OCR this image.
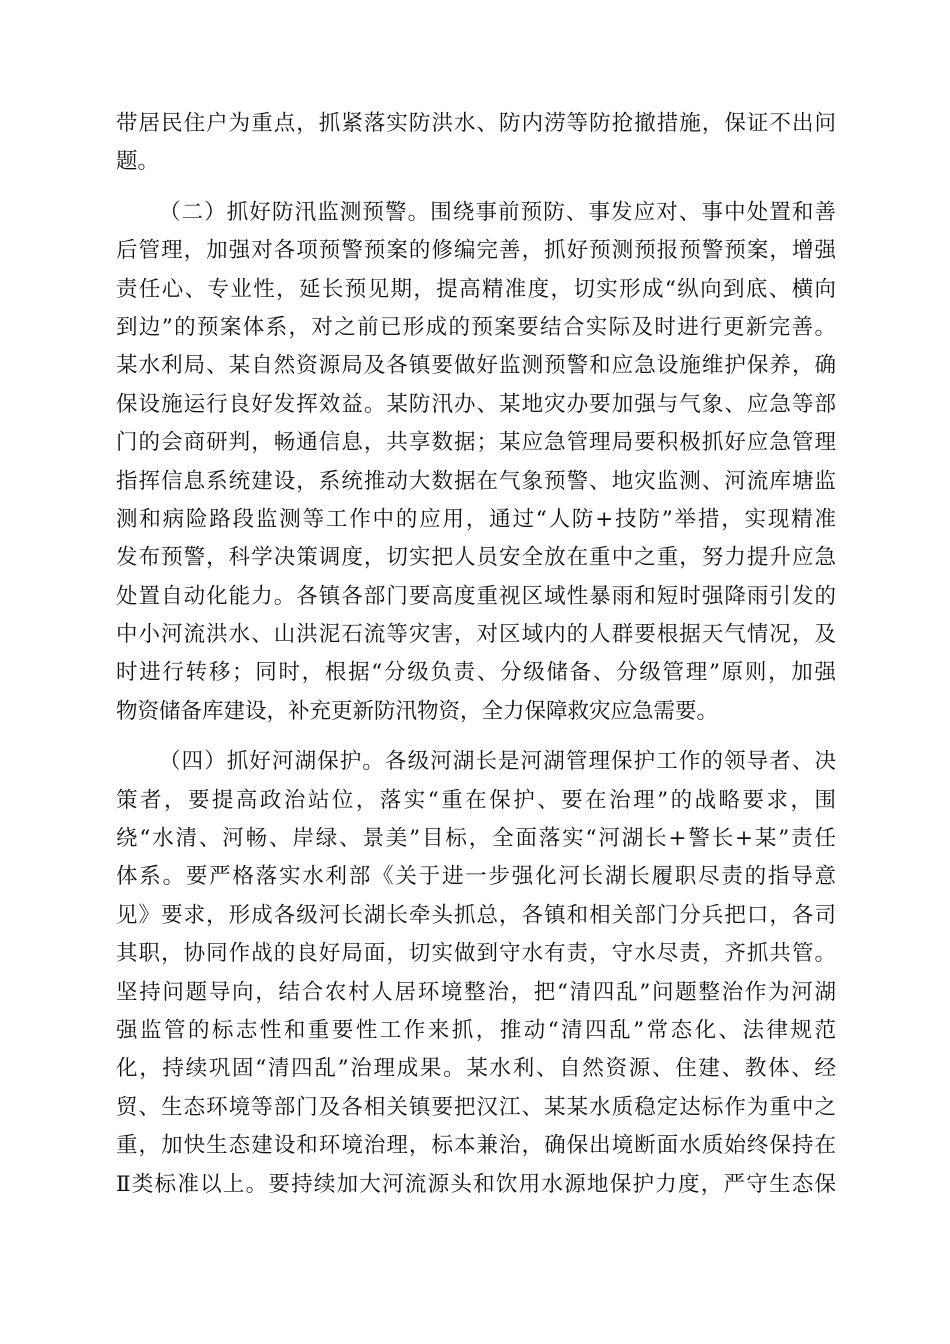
带居民住户为重点，抓紧落实防洪水、防内涝等防抢撤措施，保证不出问
题。
（二）抓好防汛监测预警。围绕事前预防、事发应对、事中处置和善
后管理，加强对各项预警预案的修编完善，抓好预测预报预警预案，增强
责任心、专业性，延长预见期，提高精准度，切实形成“纵向到底、横向
到边”的预案体系，对之前已形成的预案要结合实际及时进行更新完善。
某水利局、某自然资源局及各镇要做好监测预警和应急设施维护保养，确
保设施运行良好发挥效益。某防汛办、某地灾办要加强与气象、应急等部
门的会商研判，畅通信息，共享数据；某应急管理局要积极抓好应急管理
指挥信息系统建设，系统推动大数据在气象预警、地灾监测、河流库塘监
测和病险路段监测等工作中的应用，通过“人防+技防”举措，实现精准
发布预警，科学决策调度，切实把人员安全放在重中之重，努力提升应急
处置自动化能力。各镇各部门要高度重视区域性暴雨和短时强降雨引发的
中小河流洪水、山洪泥石流等灾害，对区域内的人群要根据天气情况，及
时进行转移；同时，根据“分级负责、分级储备、分级管理”原则，加强
物资储备库建设，补充更新防汛物资，全力保障救灾应急需要。
（四）抓好河湖保护。各级河湖长是河湖管理保护工作的领导者、决
策者，要提高政治站位，落实“重在保护、要在治理”的战略要求，围
绕“水清、河畅、岸绿、景美”目标，全面落实“河湖长+警长+某”责任
体系。要严格落实水利部《关于进一步强化河长湖长履职尽责的指导意
见》要求，形成各级河长湖长牵头抓总，各镇和相关部门分兵把口，各司
其职，协同作战的良好局面，切实做到守水有责，守水尽责，齐抓共管。
坚持问题导向，结合农村人居环境整治，把“清四乱”问题整治作为河湖
强监管的标志性和重要性工作来抓，推动“清四乱”常态化、法律规范
化，持续巩固“清四乱”治理成果。某水利、自然资源、住建、教体、经
贸、生态环境等部门及各相关镇要把汉江、某某水质稳定达标作为重中之
重，加快生态建设和环境治理，标本兼治，确保出境断面水质始终保持在
Ⅱ类标准以上。要持续加大河流源头和饮用水源地保护力度，严守生态保
